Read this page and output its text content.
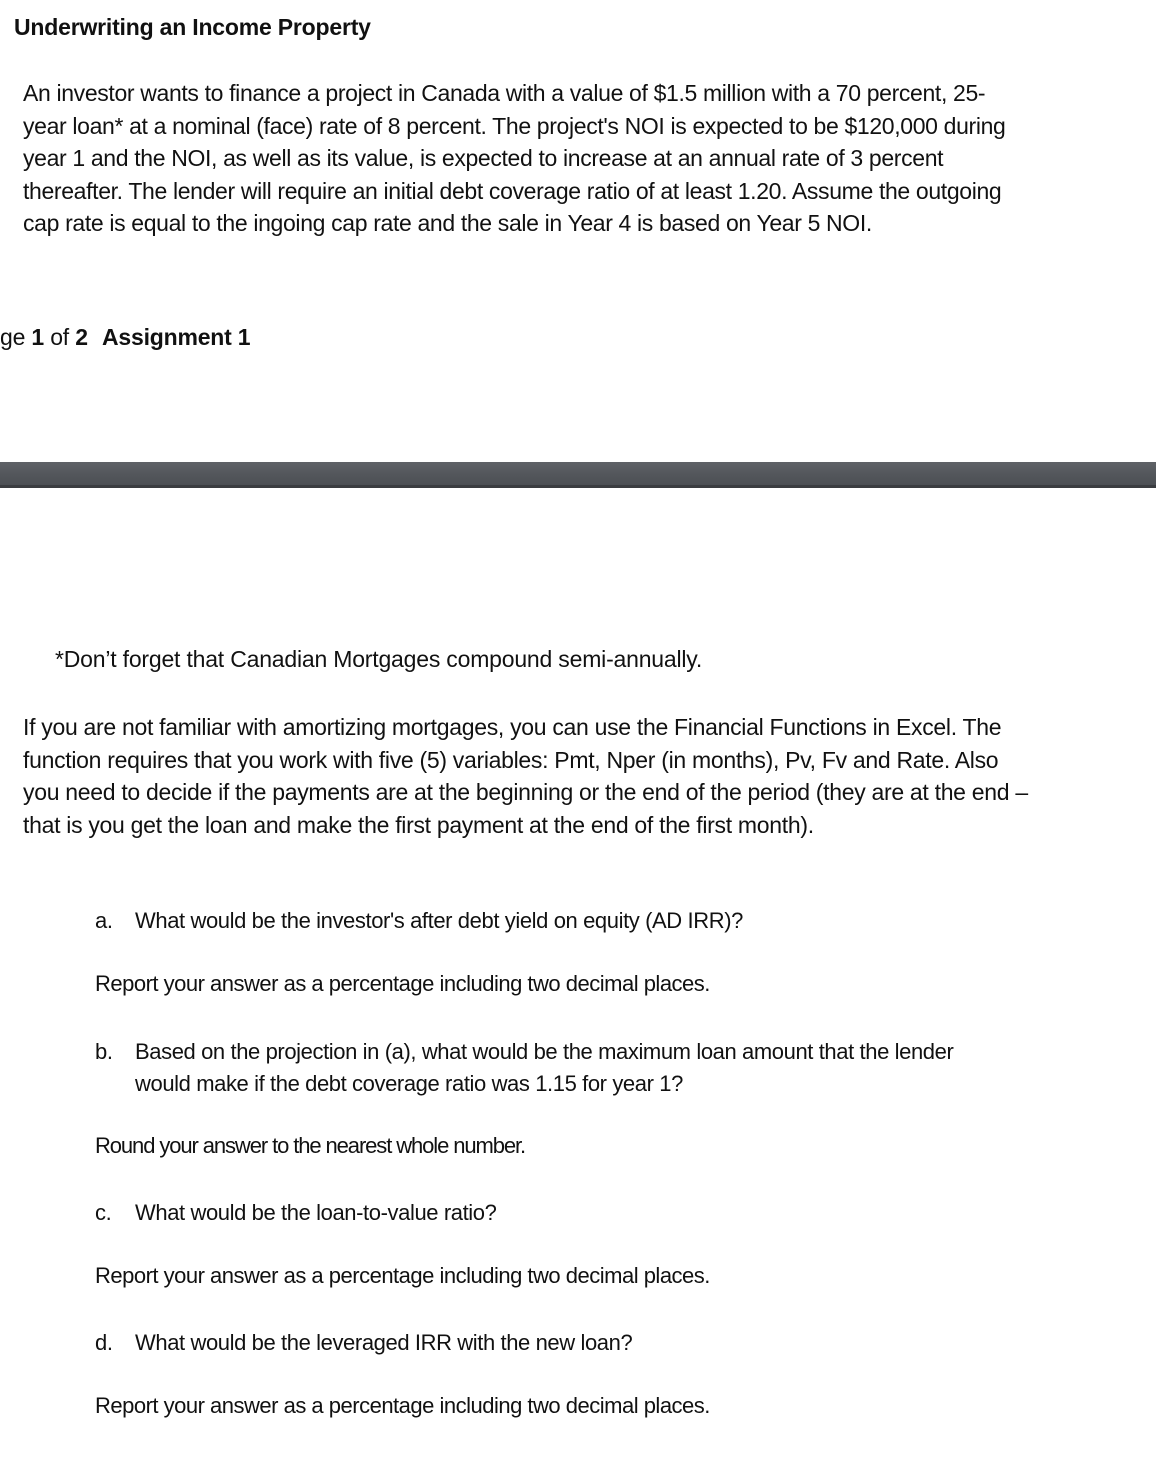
Underwriting an Income Property

An investor wants to finance a project in Canada with a value of $1.5 million with a 70 percent, 25-year loan* at a nominal (face) rate of 8 percent. The project's NOI is expected to be $120,000 during year 1 and the NOI, as well as its value, is expected to increase at an annual rate of 3 percent thereafter. The lender will require an initial debt coverage ratio of at least 1.20. Assume the outgoing cap rate is equal to the ingoing cap rate and the sale in Year 4 is based on Year 5 NOI.

ge 1 of 2 Assignment 1

*Don’t forget that Canadian Mortgages compound semi-annually.

If you are not familiar with amortizing mortgages, you can use the Financial Functions in Excel. The function requires that you work with five (5) variables: Pmt, Nper (in months), Pv, Fv and Rate. Also you need to decide if the payments are at the beginning or the end of the period (they are at the end – that is you get the loan and make the first payment at the end of the first month).

a. What would be the investor's after debt yield on equity (AD IRR)?

Report your answer as a percentage including two decimal places.

b. Based on the projection in (a), what would be the maximum loan amount that the lender would make if the debt coverage ratio was 1.15 for year 1?

Round your answer to the nearest whole number.

c. What would be the loan-to-value ratio?

Report your answer as a percentage including two decimal places.

d. What would be the leveraged IRR with the new loan?

Report your answer as a percentage including two decimal places.
